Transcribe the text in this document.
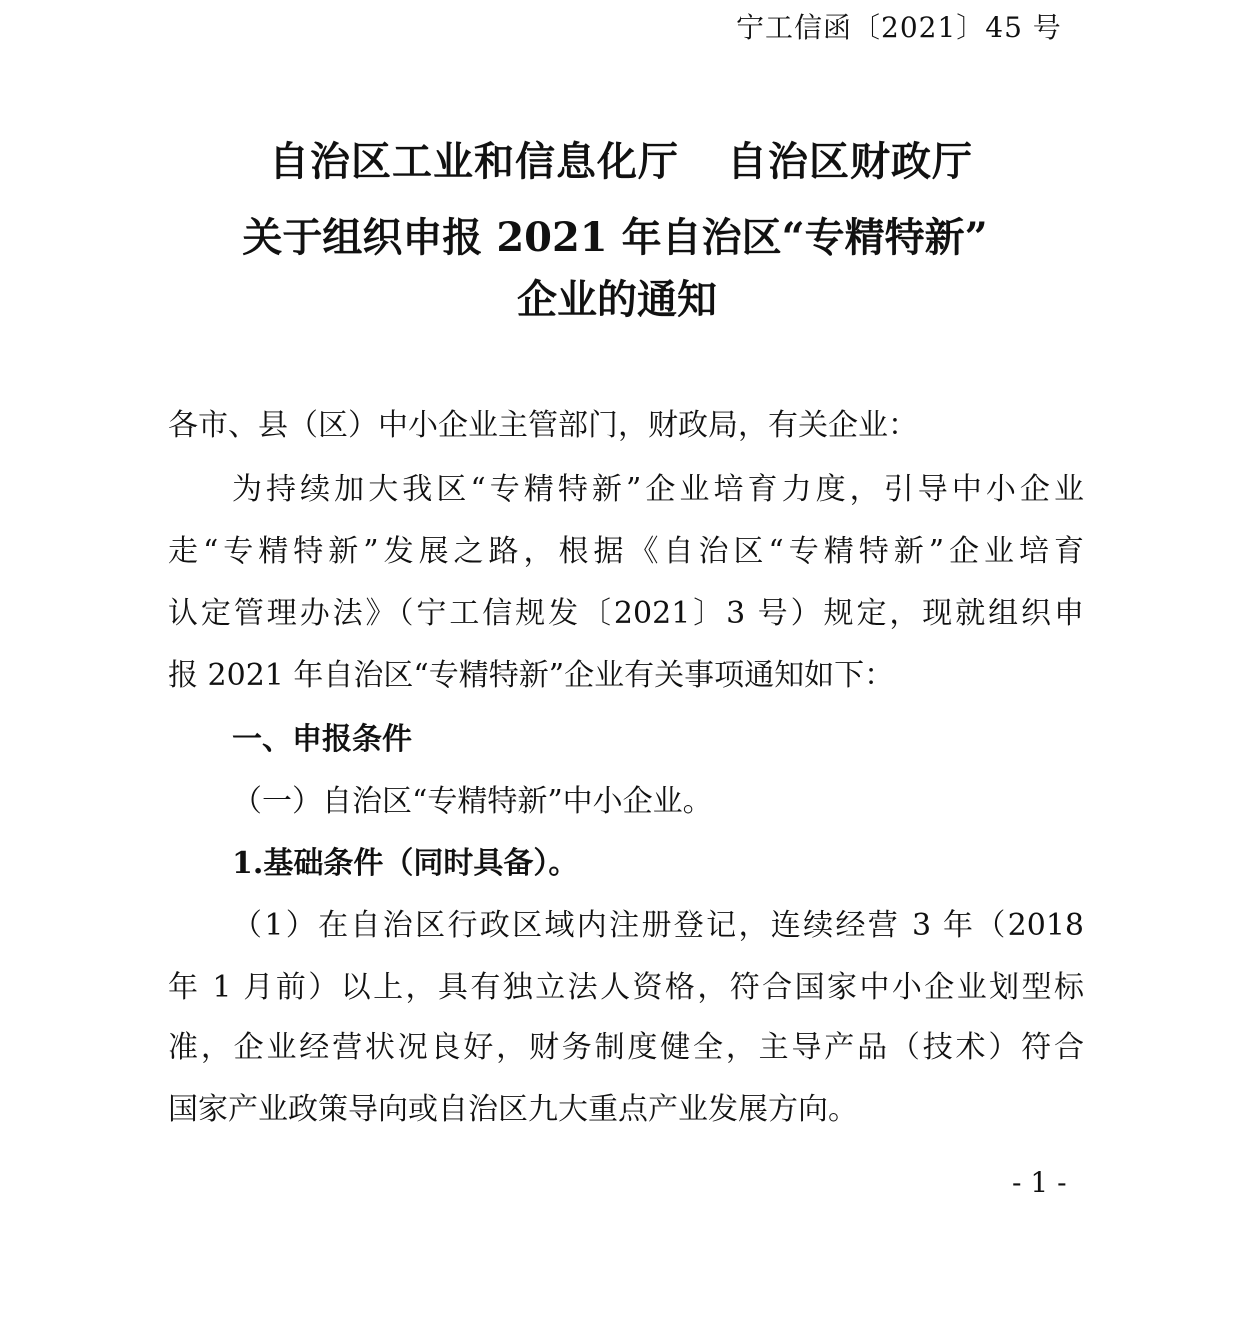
宁工信函〔2021〕45 号
自治区工业和信息化厅 自治区财政厅
关于组织申报 2021 年自治区“专精特新”
企业的通知
各市、县（区）中小企业主管部门，财政局，有关企业：
为持续加大我区“专精特新”企业培育力度，引导中小企业
走“专精特新”发展之路，根据《自治区“专精特新”企业培育
认定管理办法》（宁工信规发〔2021〕3 号）规定，现就组织申
报 2021 年自治区“专精特新”企业有关事项通知如下：
一、申报条件
（一）自治区“专精特新”中小企业。
1.基础条件（同时具备）。
（1）在自治区行政区域内注册登记，连续经营 3 年（2018
年 1 月前）以上，具有独立法人资格，符合国家中小企业划型标
准，企业经营状况良好，财务制度健全，主导产品（技术）符合
国家产业政策导向或自治区九大重点产业发展方向。
- 1 -
